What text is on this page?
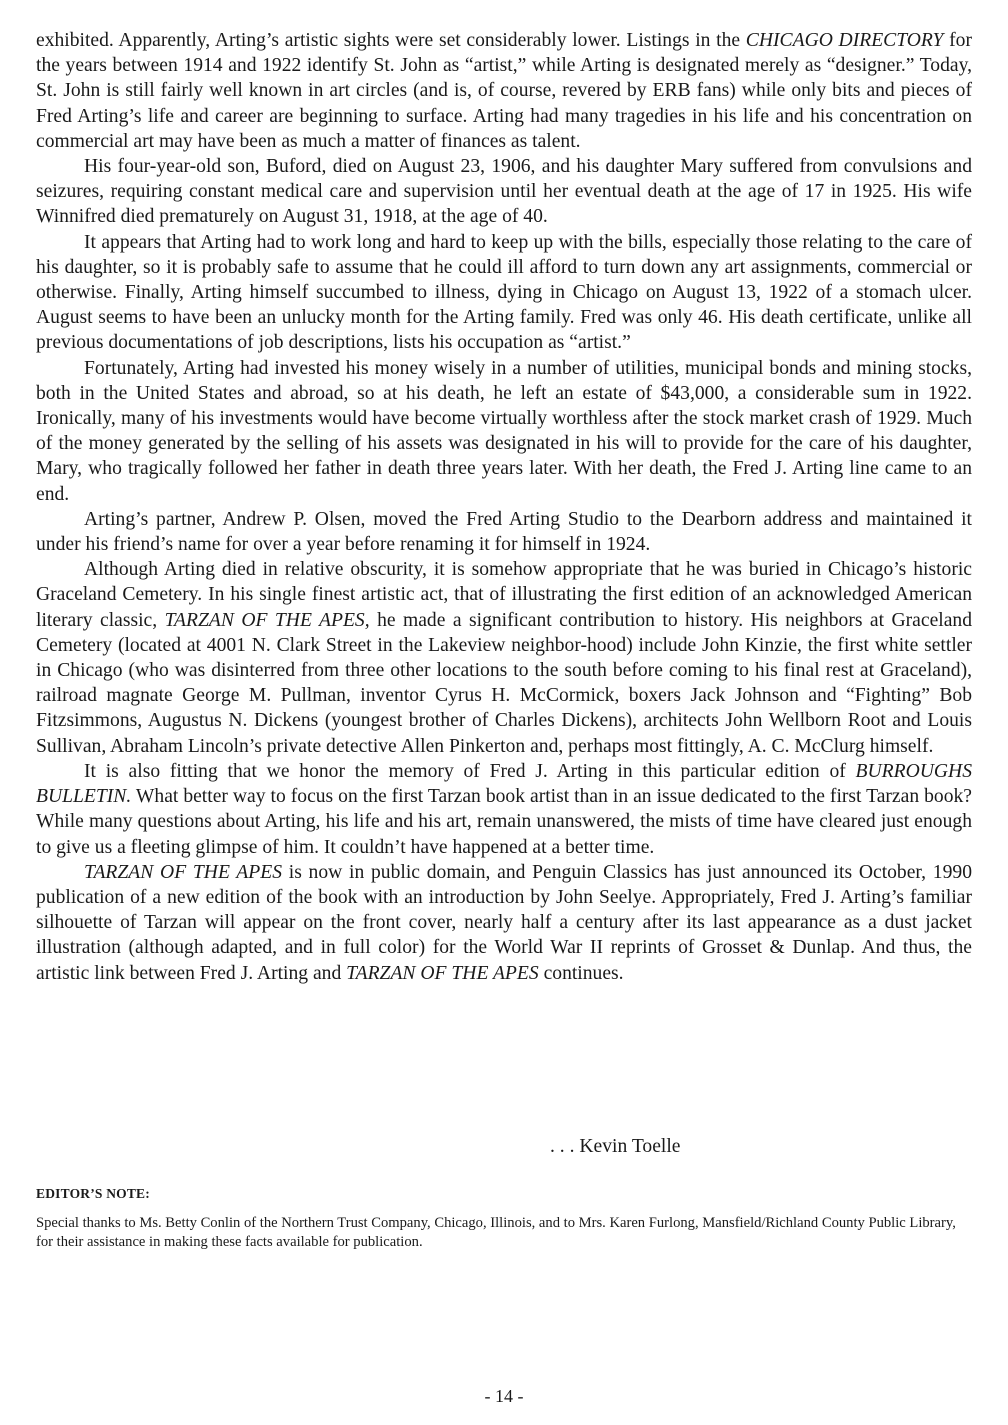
exhibited. Apparently, Arting’s artistic sights were set considerably lower. Listings in the CHICAGO DIRECTORY for the years between 1914 and 1922 identify St. John as “artist,” while Arting is designated merely as “designer.” Today, St. John is still fairly well known in art circles (and is, of course, revered by ERB fans) while only bits and pieces of Fred Arting’s life and career are beginning to surface. Arting had many tragedies in his life and his concentration on commercial art may have been as much a matter of finances as talent.

His four-year-old son, Buford, died on August 23, 1906, and his daughter Mary suffered from convulsions and seizures, requiring constant medical care and supervision until her eventual death at the age of 17 in 1925. His wife Winnifred died prematurely on August 31, 1918, at the age of 40.

It appears that Arting had to work long and hard to keep up with the bills, especially those relating to the care of his daughter, so it is probably safe to assume that he could ill afford to turn down any art assignments, commercial or otherwise. Finally, Arting himself succumbed to illness, dying in Chicago on August 13, 1922 of a stomach ulcer. August seems to have been an unlucky month for the Arting family. Fred was only 46. His death certificate, unlike all previous documentations of job descriptions, lists his occupation as “artist.”

Fortunately, Arting had invested his money wisely in a number of utilities, municipal bonds and mining stocks, both in the United States and abroad, so at his death, he left an estate of $43,000, a considerable sum in 1922. Ironically, many of his investments would have become virtually worthless after the stock market crash of 1929. Much of the money generated by the selling of his assets was designated in his will to provide for the care of his daughter, Mary, who tragically followed her father in death three years later. With her death, the Fred J. Arting line came to an end.

Arting’s partner, Andrew P. Olsen, moved the Fred Arting Studio to the Dearborn address and maintained it under his friend’s name for over a year before renaming it for himself in 1924.

Although Arting died in relative obscurity, it is somehow appropriate that he was buried in Chicago’s historic Graceland Cemetery. In his single finest artistic act, that of illustrating the first edition of an acknowledged American literary classic, TARZAN OF THE APES, he made a significant contribution to history. His neighbors at Graceland Cemetery (located at 4001 N. Clark Street in the Lakeview neighbor-hood) include John Kinzie, the first white settler in Chicago (who was disinterred from three other locations to the south before coming to his final rest at Graceland), railroad magnate George M. Pullman, inventor Cyrus H. McCormick, boxers Jack Johnson and “Fighting” Bob Fitzsimmons, Augustus N. Dickens (youngest brother of Charles Dickens), architects John Wellborn Root and Louis Sullivan, Abraham Lincoln’s private detective Allen Pinkerton and, perhaps most fittingly, A. C. McClurg himself.

It is also fitting that we honor the memory of Fred J. Arting in this particular edition of BURROUGHS BULLETIN. What better way to focus on the first Tarzan book artist than in an issue dedicated to the first Tarzan book? While many questions about Arting, his life and his art, remain unanswered, the mists of time have cleared just enough to give us a fleeting glimpse of him. It couldn’t have happened at a better time.

TARZAN OF THE APES is now in public domain, and Penguin Classics has just announced its October, 1990 publication of a new edition of the book with an introduction by John Seelye. Appropriately, Fred J. Arting’s familiar silhouette of Tarzan will appear on the front cover, nearly half a century after its last appearance as a dust jacket illustration (although adapted, and in full color) for the World War II reprints of Grosset & Dunlap. And thus, the artistic link between Fred J. Arting and TARZAN OF THE APES continues.

. . . Kevin Toelle

EDITOR’S NOTE:

Special thanks to Ms. Betty Conlin of the Northern Trust Company, Chicago, Illinois, and to Mrs. Karen Furlong, Mansfield/Richland County Public Library, for their assistance in making these facts available for publication.

- 14 -
